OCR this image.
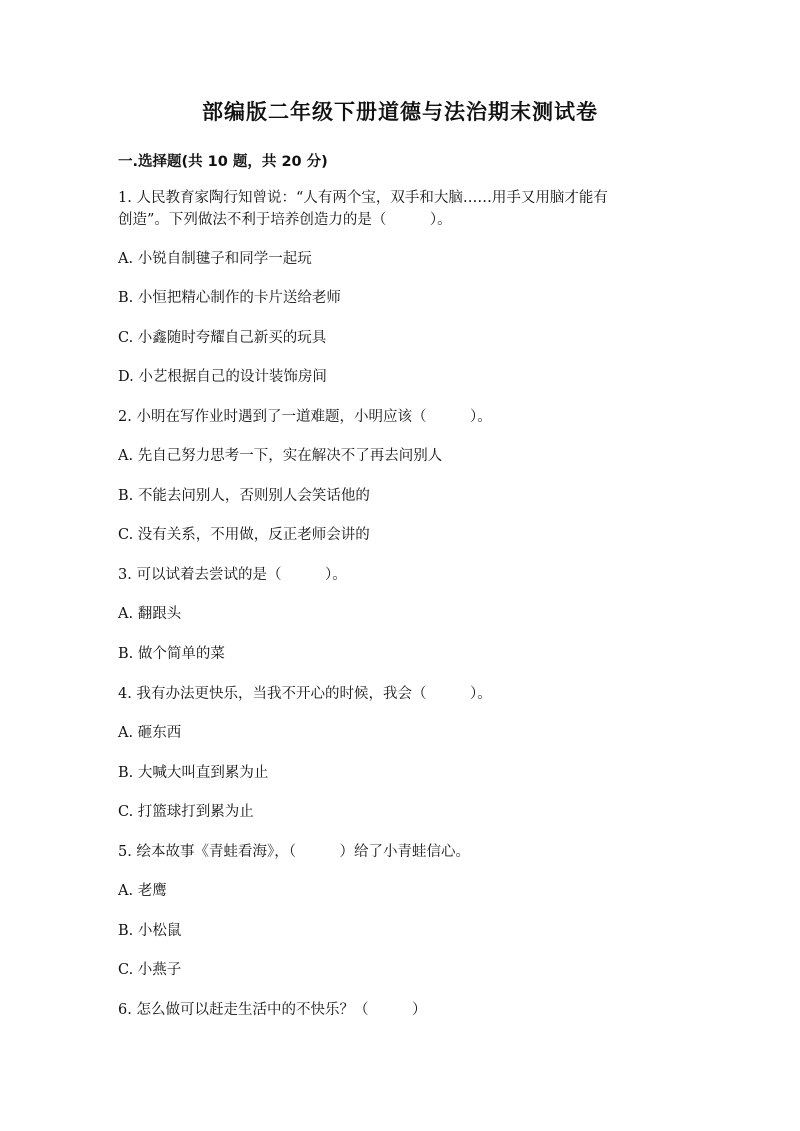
部编版二年级下册道德与法治期末测试卷
一.选择题(共 10 题，共 20 分)
1. 人民教育家陶行知曾说：“人有两个宝，双手和大脑……用手又用脑才能有
创造”。下列做法不利于培养创造力的是（　　　）。
A. 小锐自制毽子和同学一起玩
B. 小恒把精心制作的卡片送给老师
C. 小鑫随时夸耀自己新买的玩具
D. 小艺根据自己的设计装饰房间
2. 小明在写作业时遇到了一道难题，小明应该（　　　）。
A. 先自己努力思考一下，实在解决不了再去问别人
B. 不能去问别人，否则别人会笑话他的
C. 没有关系，不用做，反正老师会讲的
3. 可以试着去尝试的是（　　　）。
A. 翻跟头
B. 做个简单的菜
4. 我有办法更快乐，当我不开心的时候，我会（　　　）。
A. 砸东西
B. 大喊大叫直到累为止
C. 打篮球打到累为止
5. 绘本故事《青蛙看海》，（　　　）给了小青蛙信心。
A. 老鹰
B. 小松鼠
C. 小燕子
6. 怎么做可以赶走生活中的不快乐？（　　　）
